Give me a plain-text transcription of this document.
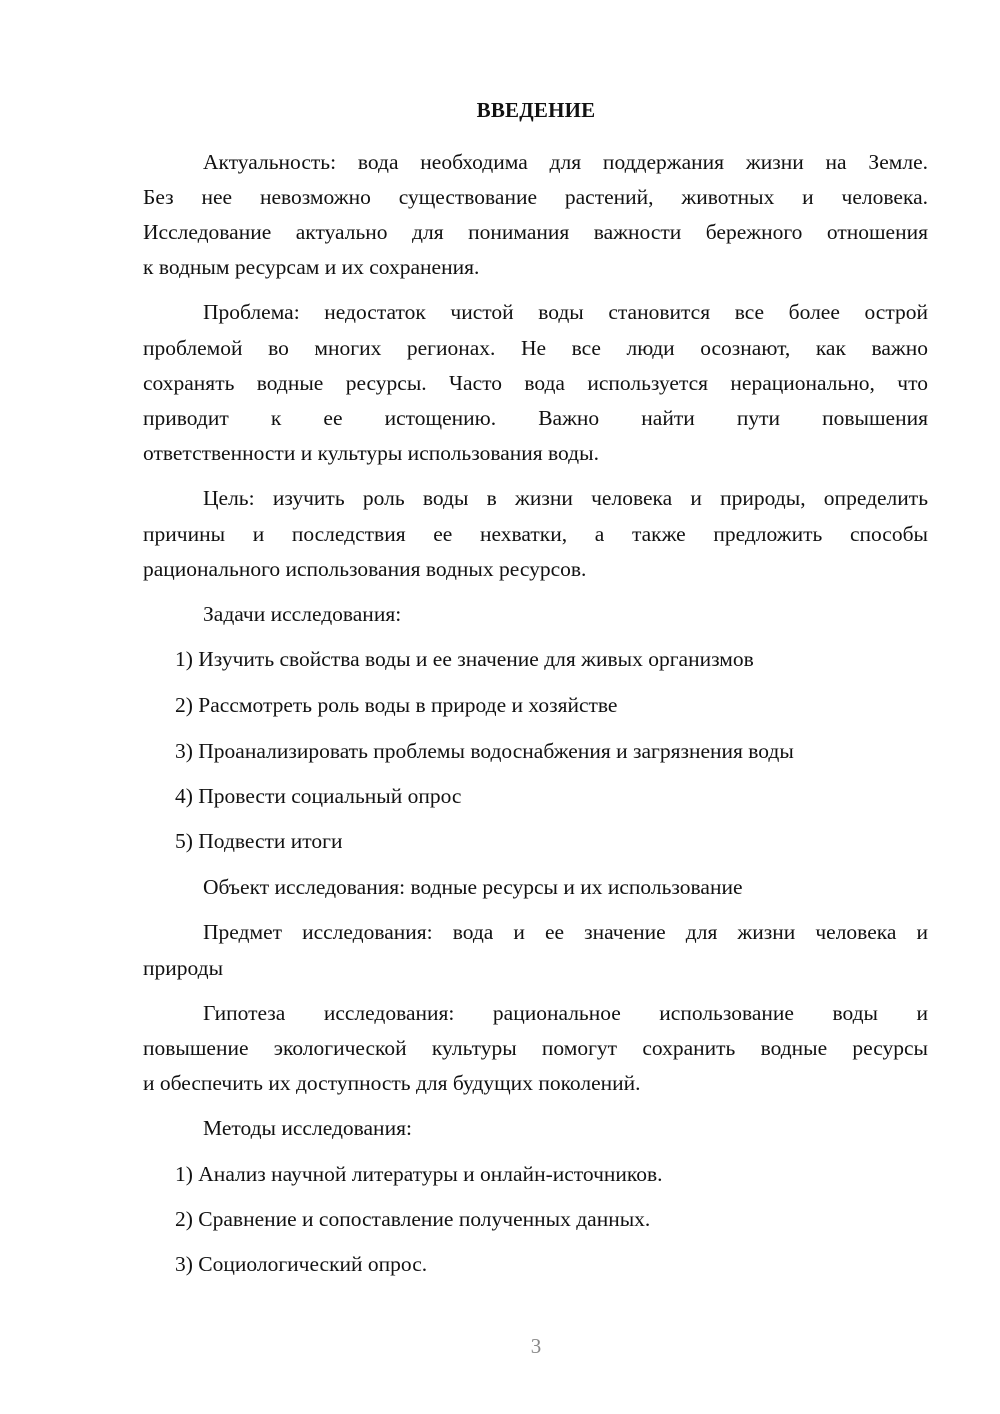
ВВЕДЕНИЕ
Актуальность: вода необходима для поддержания жизни на Земле.
Без нее невозможно существование растений, животных и человека.
Исследование актуально для понимания важности бережного отношения
к водным ресурсам и их сохранения.
Проблема: недостаток чистой воды становится все более острой
проблемой во многих регионах. Не все люди осознают, как важно
сохранять водные ресурсы. Часто вода используется нерационально, что
приводит к ее истощению. Важно найти пути повышения
ответственности и культуры использования воды.
Цель: изучить роль воды в жизни человека и природы, определить
причины и последствия ее нехватки, а также предложить способы
рационального использования водных ресурсов.
Задачи исследования:
1) Изучить свойства воды и ее значение для живых организмов
2) Рассмотреть роль воды в природе и хозяйстве
3) Проанализировать проблемы водоснабжения и загрязнения воды
4) Провести социальный опрос
5) Подвести итоги
Объект исследования: водные ресурсы и их использование
Предмет исследования: вода и ее значение для жизни человека и
природы
Гипотеза исследования: рациональное использование воды и
повышение экологической культуры помогут сохранить водные ресурсы
и обеспечить их доступность для будущих поколений.
Методы исследования:
1) Анализ научной литературы и онлайн-источников.
2) Сравнение и сопоставление полученных данных.
3) Социологический опрос.
3
